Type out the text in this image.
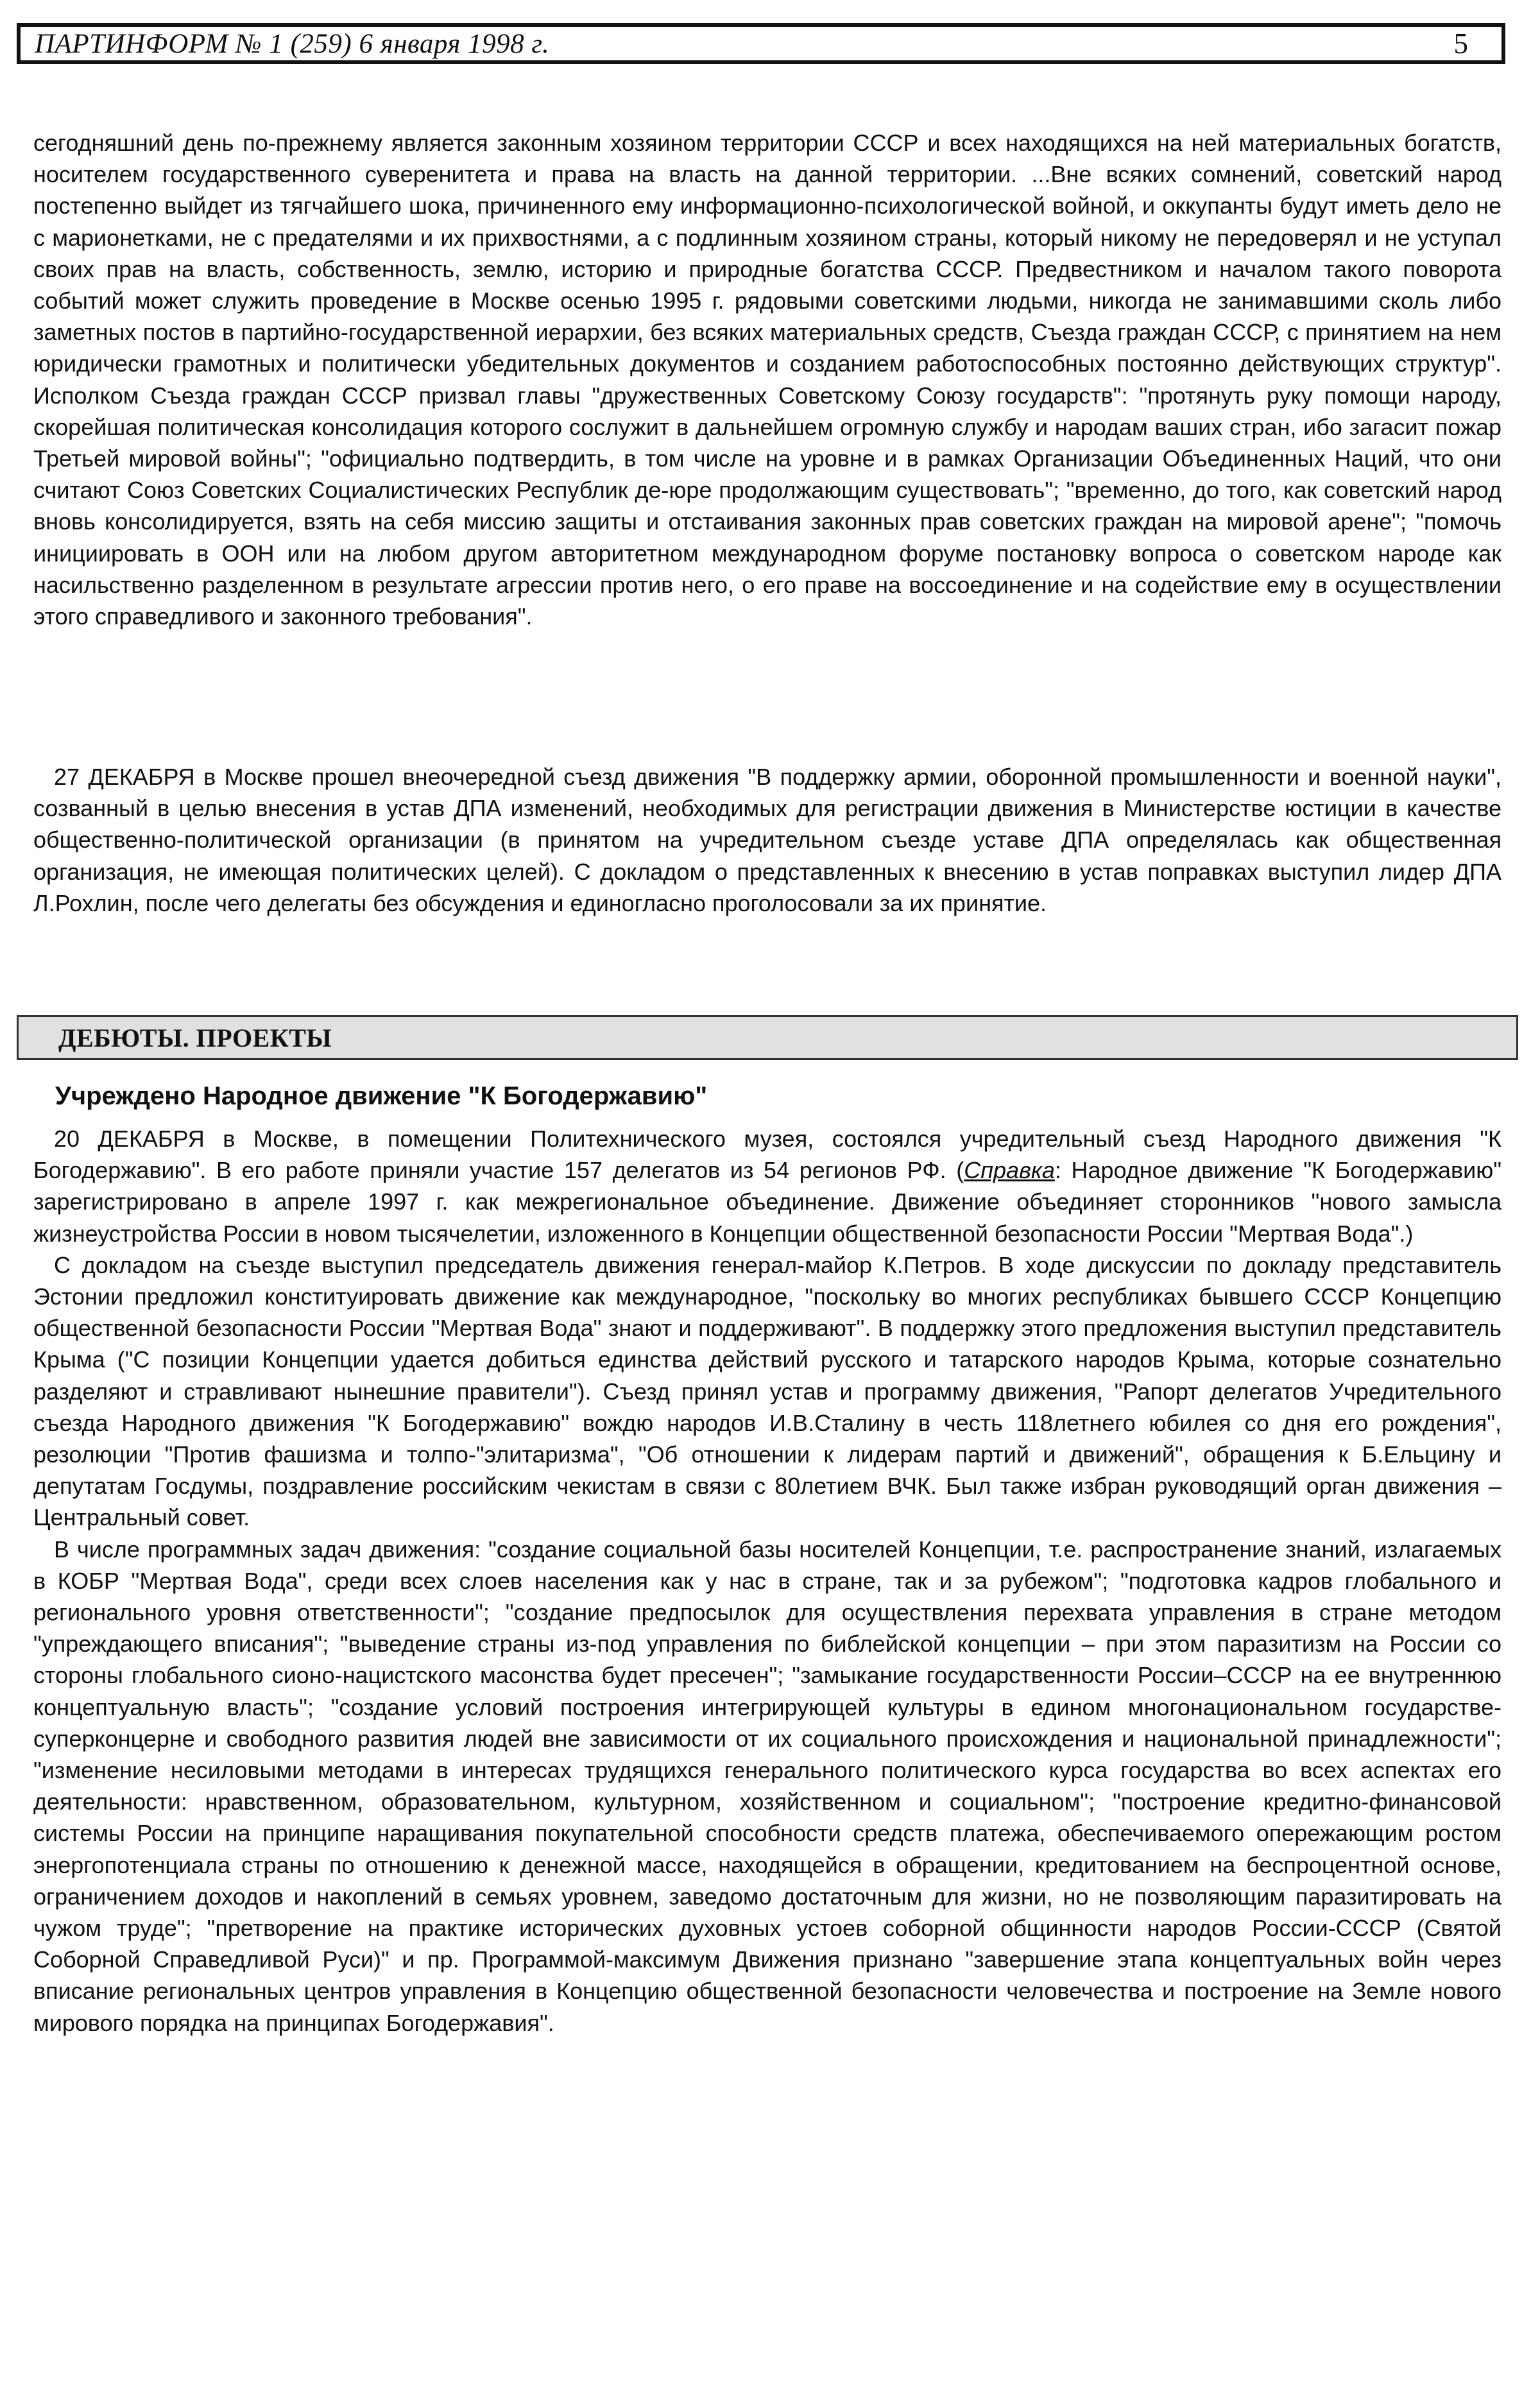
ПАРТИНФОРМ № 1 (259) 6 января 1998 г.	5

сегодняшний день по-прежнему является законным хозяином территории СССР и всех находящихся на ней материальных богатств, носителем государственного суверенитета и права на власть на данной территории. ...Вне всяких сомнений, советский народ постепенно выйдет из тягчайшего шока, причиненного ему информационно-психологической войной, и оккупанты будут иметь дело не с марионетками, не с предателями и их прихвостнями, а с подлинным хозяином страны, который никому не передоверял и не уступал своих прав на власть, собственность, землю, историю и природные богатства СССР. Предвестником и началом такого поворота событий может служить проведение в Москве осенью 1995 г. рядовыми советскими людьми, никогда не занимавшими сколь либо заметных постов в партийно-государственной иерархии, без всяких материальных средств, Съезда граждан СССР, с принятием на нем юридически грамотных и политически убедительных документов и созданием работоспособных постоянно действующих структур". Исполком Съезда граждан СССР призвал главы "дружественных Советскому Союзу государств": "протянуть руку помощи народу, скорейшая политическая консолидация которого сослужит в дальнейшем огромную службу и народам ваших стран, ибо загасит пожар Третьей мировой войны"; "официально подтвердить, в том числе на уровне и в рамках Организации Объединенных Наций, что они считают Союз Советских Социалистических Республик де-юре продолжающим существовать"; "временно, до того, как советский народ вновь консолидируется, взять на себя миссию защиты и отстаивания законных прав советских граждан на мировой арене"; "помочь инициировать в ООН или на любом другом авторитетном международном форуме постановку вопроса о советском народе как насильственно разделенном в результате агрессии против него, о его праве на воссоединение и на содействие ему в осуществлении этого справедливого и законного требования".

27 ДЕКАБРЯ в Москве прошел внеочередной съезд движения "В поддержку армии, оборонной промышленности и военной науки", созванный в целью внесения в устав ДПА изменений, необходимых для регистрации движения в Министерстве юстиции в качестве общественно-политической организации (в принятом на учредительном съезде уставе ДПА определялась как общественная организация, не имеющая политических целей). С докладом о представленных к внесению в устав поправках выступил лидер ДПА Л.Рохлин, после чего делегаты без обсуждения и единогласно проголосовали за их принятие.

ДЕБЮТЫ. ПРОЕКТЫ
Учреждено Народное движение "К Богодержавию"

20 ДЕКАБРЯ в Москве, в помещении Политехнического музея, состоялся учредительный съезд Народного движения "К Богодержавию". В его работе приняли участие 157 делегатов из 54 регионов РФ. (Справка: Народное движение "К Богодержавию" зарегистрировано в апреле 1997 г. как межрегиональное объединение. Движение объединяет сторонников "нового замысла жизнеустройства России в новом тысячелетии, изложенного в Концепции общественной безопасности России "Мертвая Вода".)

С докладом на съезде выступил председатель движения генерал-майор К.Петров. В ходе дискуссии по докладу представитель Эстонии предложил конституировать движение как международное, "поскольку во многих республиках бывшего СССР Концепцию общественной безопасности России "Мертвая Вода" знают и поддерживают". В поддержку этого предложения выступил представитель Крыма ("С позиции Концепции удается добиться единства действий русского и татарского народов Крыма, которые сознательно разделяют и стравливают нынешние правители"). Съезд принял устав и программу движения, "Рапорт делегатов Учредительного съезда Народного движения "К Богодержавию" вождю народов И.В.Сталину в честь 118летнего юбилея со дня его рождения", резолюции "Против фашизма и толпо-"элитаризма", "Об отношении к лидерам партий и движений", обращения к Б.Ельцину и депутатам Госдумы, поздравление российским чекистам в связи с 80летием ВЧК. Был также избран руководящий орган движения – Центральный совет.

В числе программных задач движения: "создание социальной базы носителей Концепции, т.е. распространение знаний, излагаемых в КОБР "Мертвая Вода", среди всех слоев населения как у нас в стране, так и за рубежом"; "подготовка кадров глобального и регионального уровня ответственности"; "создание предпосылок для осуществления перехвата управления в стране методом "упреждающего вписания"; "выведение страны из-под управления по библейской концепции – при этом паразитизм на России со стороны глобального сионо-нацистского масонства будет пресечен"; "замыкание государственности России–СССР на ее внутреннюю концептуальную власть"; "создание условий построения интегрирующей культуры в едином многонациональном государстве-суперконцерне и свободного развития людей вне зависимости от их социального происхождения и национальной принадлежности"; "изменение несиловыми методами в интересах трудящихся генерального политического курса государства во всех аспектах его деятельности: нравственном, образовательном, культурном, хозяйственном и социальном"; "построение кредитно-финансовой системы России на принципе наращивания покупательной способности средств платежа, обеспечиваемого опережающим ростом энергопотенциала страны по отношению к денежной массе, находящейся в обращении, кредитованием на беспроцентной основе, ограничением доходов и накоплений в семьях уровнем, заведомо достаточным для жизни, но не позволяющим паразитировать на чужом труде"; "претворение на практике исторических духовных устоев соборной общинности народов России-СССР (Святой Соборной Справедливой Руси)" и пр. Программой-максимум Движения признано "завершение этапа концептуальных войн через вписание региональных центров управления в Концепцию общественной безопасности человечества и построение на Земле нового мирового порядка на принципах Богодержавия".
